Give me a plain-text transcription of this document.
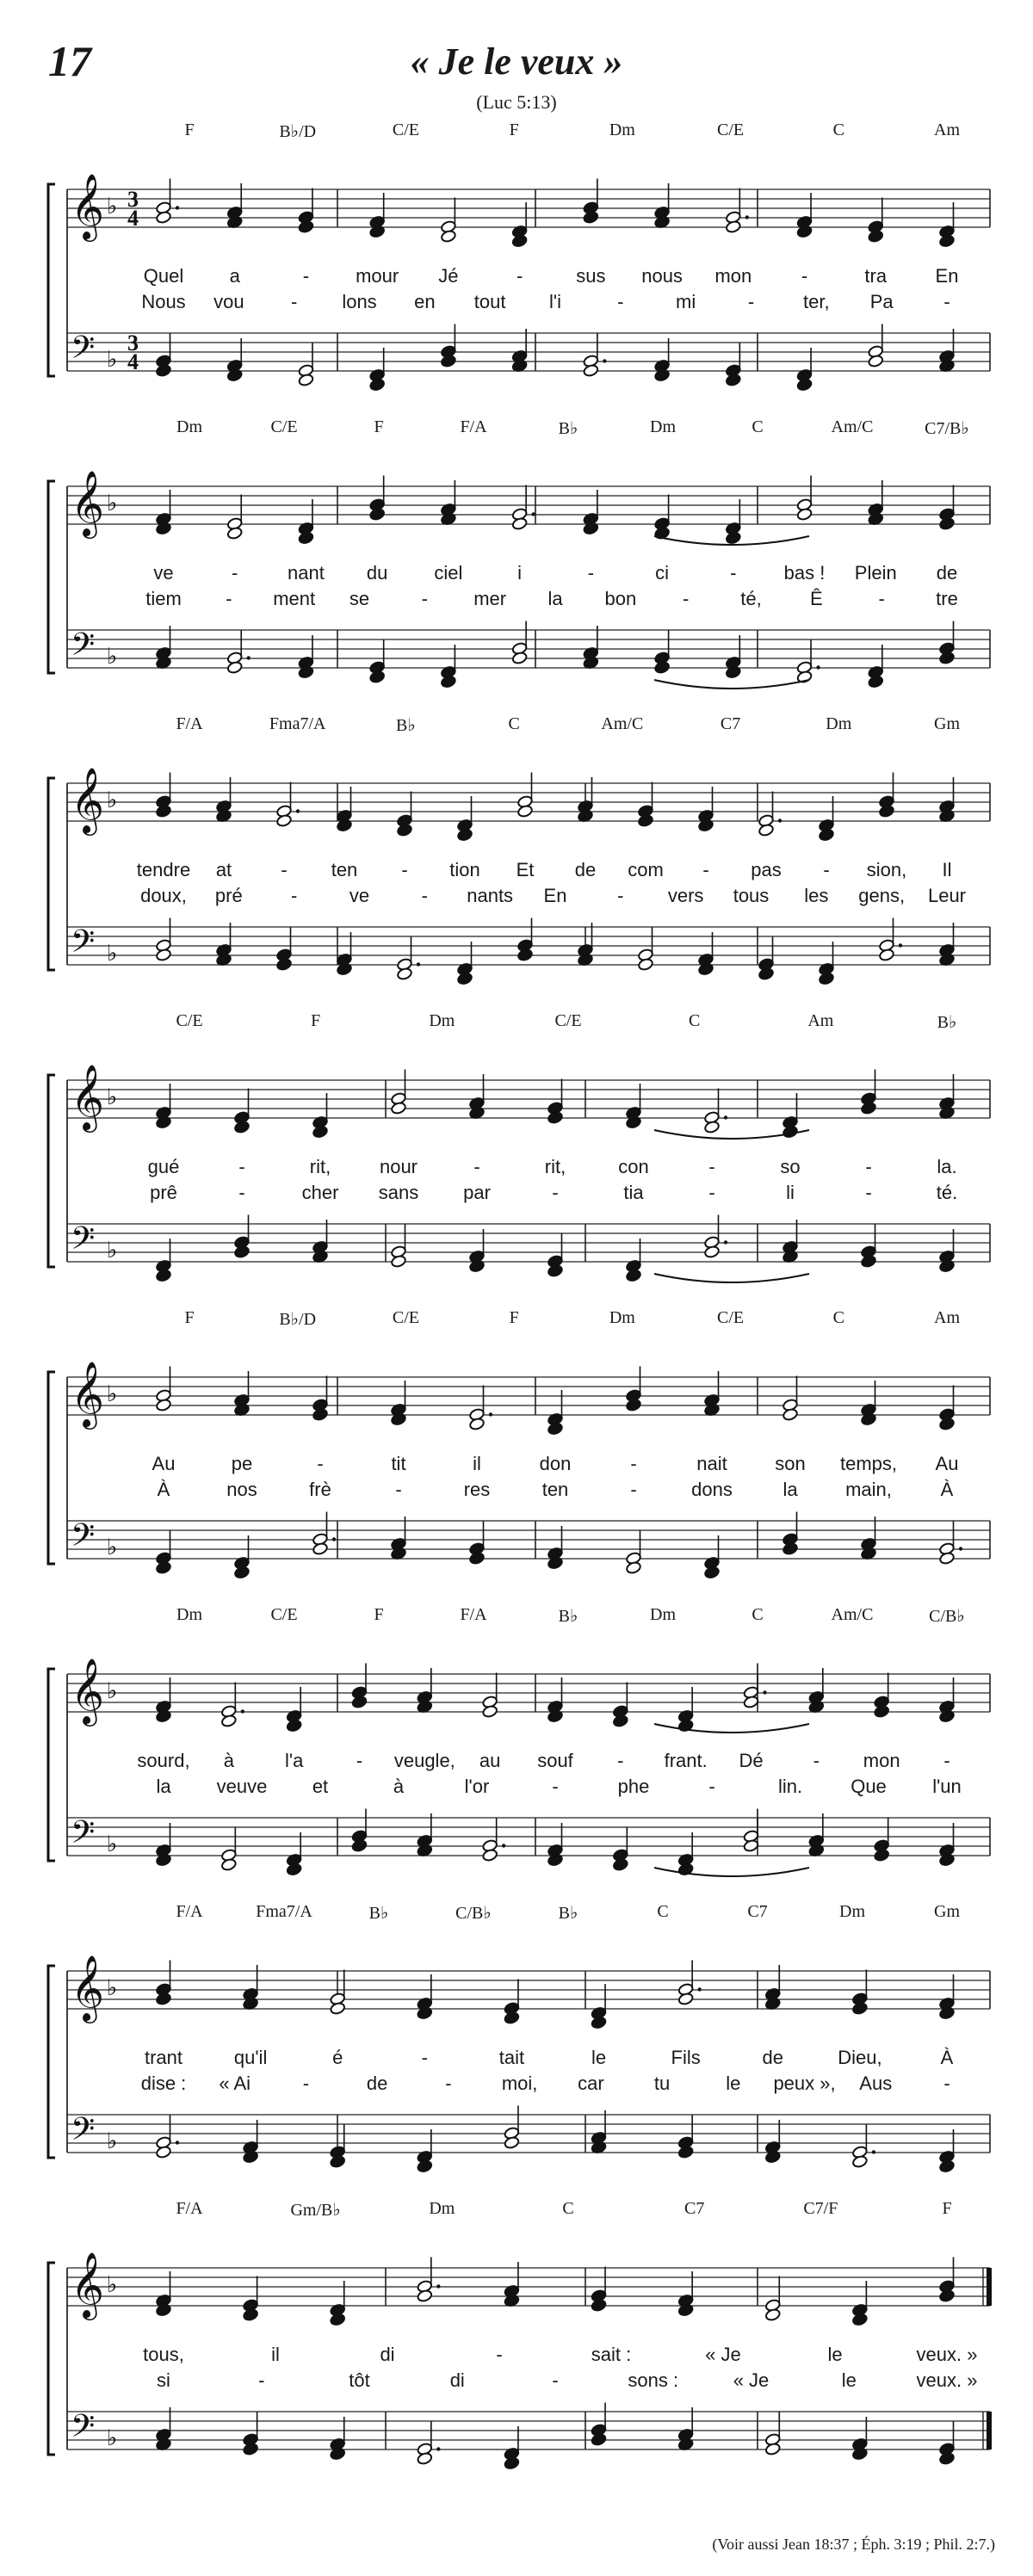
17	« Je le veux »
(Luc 5:13)
𝄞 ♭ 3
4
𝄢 ♭
3
4
F	B♭/D	C/E	F	Dm	C/E	C	Am
Quel a	- mour Jé	-	sus nous mon	-	tra	En
Nous vou - lons en tout l'i	-	mi	-	ter, Pa	-
𝄞 ♭
𝄢 ♭
Dm	C/E	F	F/A	B♭	Dm	C	Am/C	C7/B♭
ve	-	nant du ciel	i	-	ci	-	bas ! Plein de
tiem - ment se	- mer la bon -	té,	Ê	-	tre
𝄞 ♭
𝄢 ♭
F/A	Fma7/A	B♭	C	Am/C	C7	Dm	Gm
tendre at	- ten - tion Et de com - pas - sion, Il
doux, pré	-	ve	- nants En	- vers tous les gens, Leur
𝄞 ♭
𝄢 ♭
C/E	F	Dm	C/E	C	Am	B♭
gué	-	rit,	nour	-	rit,	con	-	so	-	la.
prê	-	cher sans par	-	tia	-	li	-	té.
𝄞 ♭
𝄢 ♭
F	B♭/D	C/E	F	Dm	C/E	C	Am
Au	pe	-	tit	il	don	-	nait	son temps, Au
À	nos	frè	-	res	ten	-	dons	la	main,	À
𝄞 ♭
𝄢 ♭
Dm	C/E	F	F/A	B♭	Dm	C	Am/C	C/B♭
sourd, à	l'a	- veugle, au souf - frant. Dé	- mon -
la veuve et	à	l'or	-	phe	-	lin.	Que l'un
𝄞 ♭
𝄢 ♭
F/A	Fma7/A	B♭	C/B♭	B♭	C	C7	Dm	Gm
trant	qu'il	é	-	tait	le	Fils	de	Dieu,	À
dise : « Ai	-	de	-	moi, car	tu	le peux », Aus	-
𝄞 ♭
𝄢 ♭
F/A	Gm/B♭	Dm	C	C7	C7/F	F
tous,	il	di	-	sait :	« Je	le	veux. »
si	-	tôt	di	-	sons :	« Je	le	veux. »
(Voir aussi Jean 18:37 ; Éph. 3:19 ; Phil. 2:7.)
